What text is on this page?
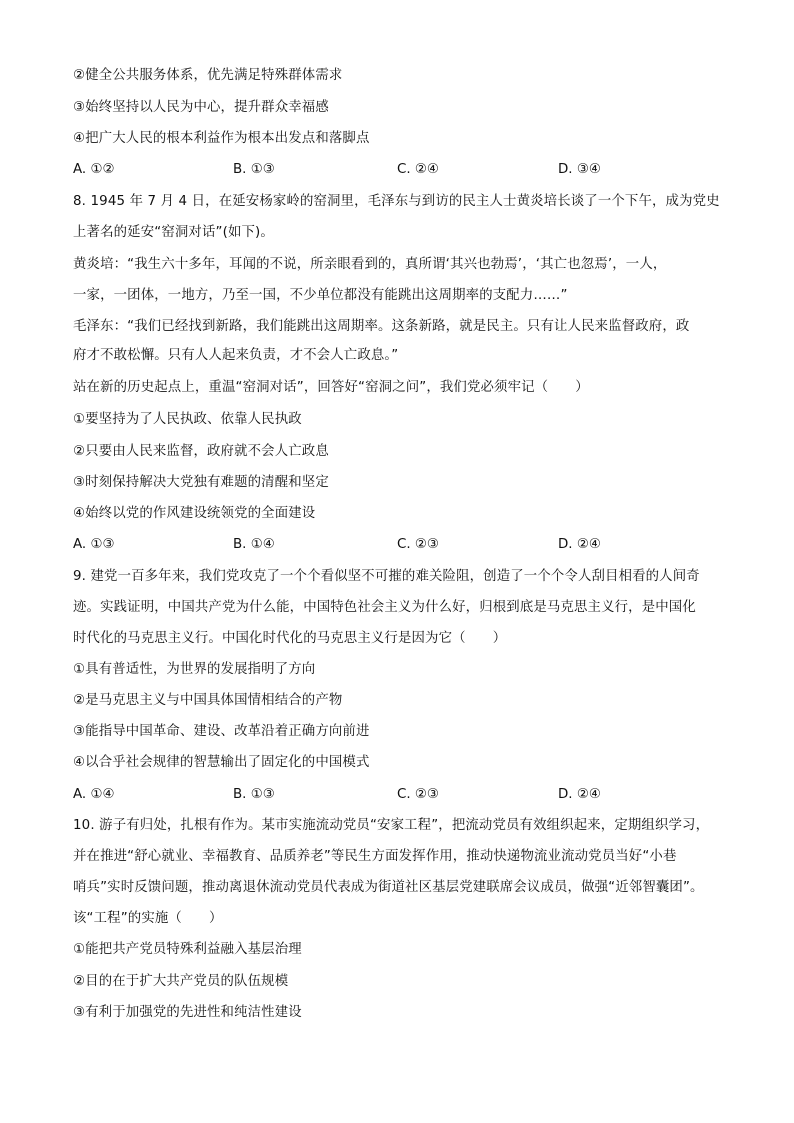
②健全公共服务体系，优先满足特殊群体需求
③始终坚持以人民为中心，提升群众幸福感
④把广大人民的根本利益作为根本出发点和落脚点
A. ①②	B. ①③	C. ②④	D. ③④
8. 1945 年 7 月 4 日，在延安杨家岭的窑洞里，毛泽东与到访的民主人士黄炎培长谈了一个下午，成为党史
上著名的延安“窑洞对话”(如下)。
黄炎培：“我生六十多年，耳闻的不说，所亲眼看到的，真所谓‘其兴也勃焉’，‘其亡也忽焉’，一人，
一家，一团体，一地方，乃至一国，不少单位都没有能跳出这周期率的支配力……”
毛泽东：“我们已经找到新路，我们能跳出这周期率。这条新路，就是民主。只有让人民来监督政府，政
府才不敢松懈。只有人人起来负责，才不会人亡政息。”
站在新的历史起点上，重温“窑洞对话”，回答好“窑洞之问”，我们党必须牢记（　　）
①要坚持为了人民执政、依靠人民执政
②只要由人民来监督，政府就不会人亡政息
③时刻保持解决大党独有难题的清醒和坚定
④始终以党的作风建设统领党的全面建设
A. ①③	B. ①④	C. ②③	D. ②④
9. 建党一百多年来，我们党攻克了一个个看似坚不可摧的难关险阻，创造了一个个令人刮目相看的人间奇
迹。实践证明，中国共产党为什么能，中国特色社会主义为什么好，归根到底是马克思主义行，是中国化
时代化的马克思主义行。中国化时代化的马克思主义行是因为它（　　）
①具有普适性，为世界的发展指明了方向
②是马克思主义与中国具体国情相结合的产物
③能指导中国革命、建设、改革沿着正确方向前进
④以合乎社会规律的智慧输出了固定化的中国模式
A. ①④	B. ①③	C. ②③	D. ②④
10. 游子有归处，扎根有作为。某市实施流动党员“安家工程”，把流动党员有效组织起来，定期组织学习，
并在推进“舒心就业、幸福教育、品质养老”等民生方面发挥作用，推动快递物流业流动党员当好“小巷
哨兵”实时反馈问题，推动离退休流动党员代表成为街道社区基层党建联席会议成员，做强“近邻智囊团”。
该“工程”的实施（　　）
①能把共产党员特殊利益融入基层治理
②目的在于扩大共产党员的队伍规模
③有利于加强党的先进性和纯洁性建设
